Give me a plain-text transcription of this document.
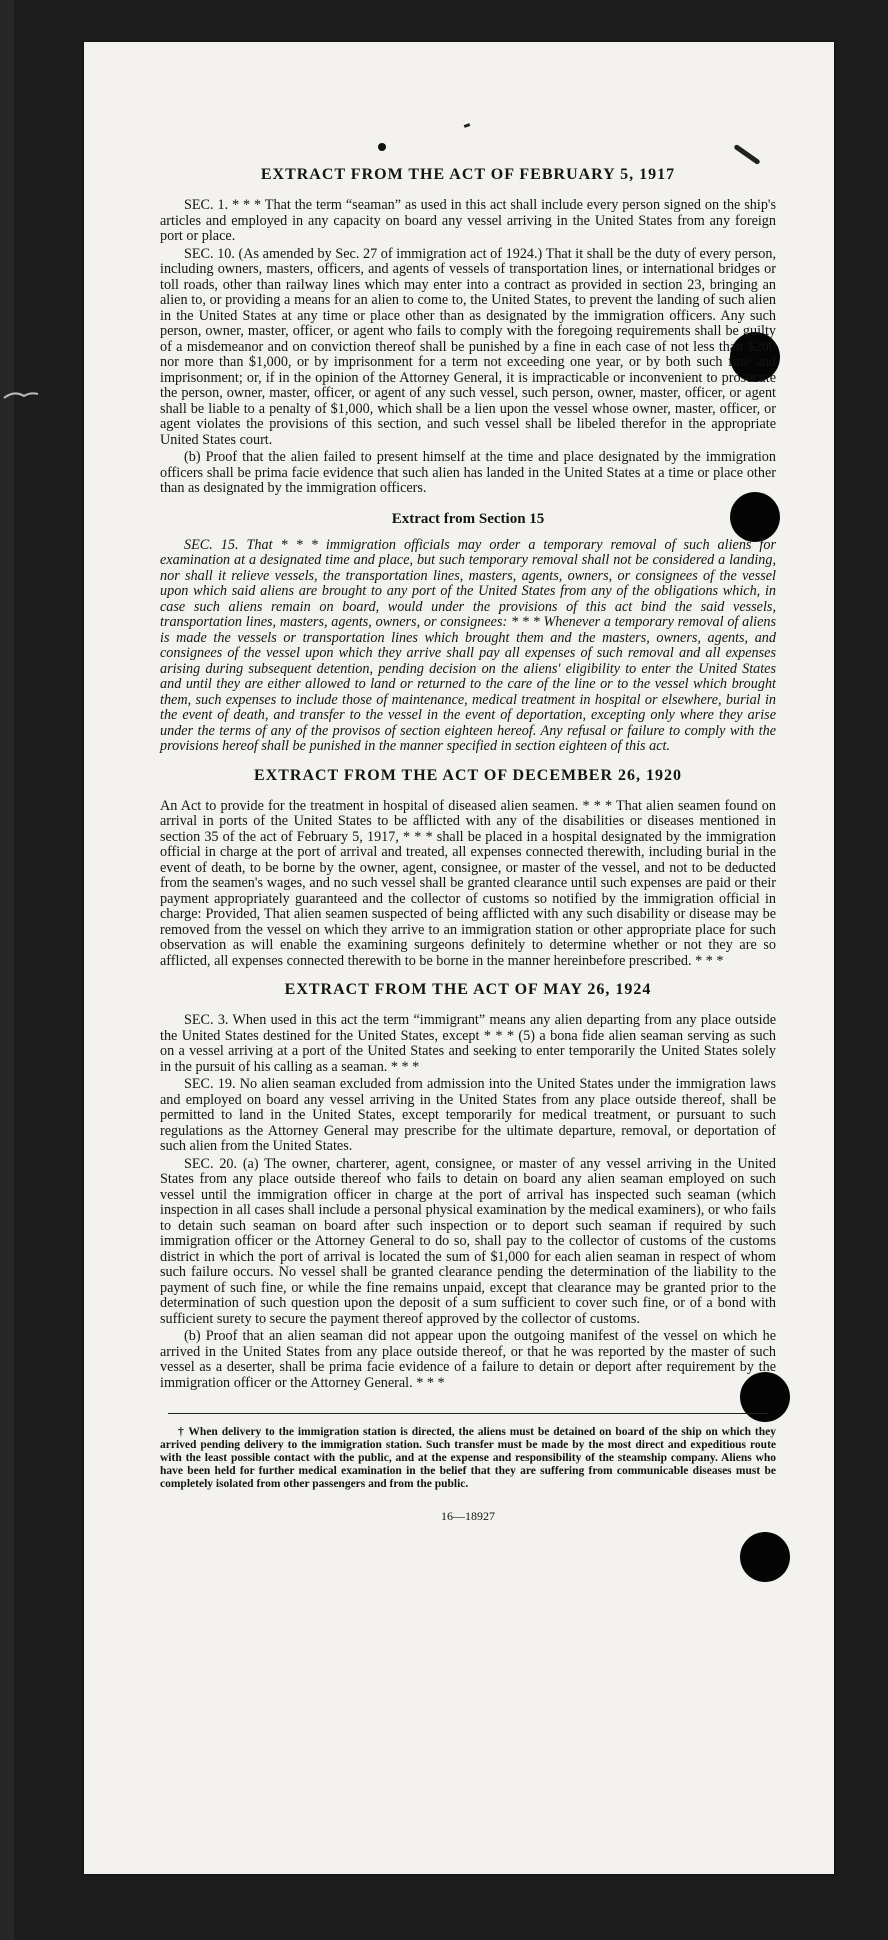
EXTRACT FROM THE ACT OF FEBRUARY 5, 1917

SEC. 1. * * * That the term “seaman” as used in this act shall include every person signed on the ship's articles and employed in any capacity on board any vessel arriving in the United States from any foreign port or place.

SEC. 10. (As amended by Sec. 27 of immigration act of 1924.) That it shall be the duty of every person, including owners, masters, officers, and agents of vessels of transportation lines, or international bridges or toll roads, other than railway lines which may enter into a contract as provided in section 23, bringing an alien to, or providing a means for an alien to come to, the United States, to prevent the landing of such alien in the United States at any time or place other than as designated by the immigration officers. Any such person, owner, master, officer, or agent who fails to comply with the foregoing requirements shall be guilty of a misdemeanor and on conviction thereof shall be punished by a fine in each case of not less than $200 nor more than $1,000, or by imprisonment for a term not exceeding one year, or by both such fine and imprisonment; or, if in the opinion of the Attorney General, it is impracticable or inconvenient to prosecute the person, owner, master, officer, or agent of any such vessel, such person, owner, master, officer, or agent shall be liable to a penalty of $1,000, which shall be a lien upon the vessel whose owner, master, officer, or agent violates the provisions of this section, and such vessel shall be libeled therefor in the appropriate United States court.

(b) Proof that the alien failed to present himself at the time and place designated by the immigration officers shall be prima facie evidence that such alien has landed in the United States at a time or place other than as designated by the immigration officers.

Extract from Section 15

SEC. 15. That * * * immigration officials may order a temporary removal of such aliens for examination at a designated time and place, but such temporary removal shall not be considered a landing, nor shall it relieve vessels, the transportation lines, masters, agents, owners, or consignees of the vessel upon which said aliens are brought to any port of the United States from any of the obligations which, in case such aliens remain on board, would under the provisions of this act bind the said vessels, transportation lines, masters, agents, owners, or consignees: * * * Whenever a temporary removal of aliens is made the vessels or transportation lines which brought them and the masters, owners, agents, and consignees of the vessel upon which they arrive shall pay all expenses of such removal and all expenses arising during subsequent detention, pending decision on the aliens' eligibility to enter the United States and until they are either allowed to land or returned to the care of the line or to the vessel which brought them, such expenses to include those of maintenance, medical treatment in hospital or elsewhere, burial in the event of death, and transfer to the vessel in the event of deportation, excepting only where they arise under the terms of any of the provisos of section eighteen hereof. Any refusal or failure to comply with the provisions hereof shall be punished in the manner specified in section eighteen of this act.

EXTRACT FROM THE ACT OF DECEMBER 26, 1920

An Act to provide for the treatment in hospital of diseased alien seamen. * * * That alien seamen found on arrival in ports of the United States to be afflicted with any of the disabilities or diseases mentioned in section 35 of the act of February 5, 1917, * * * shall be placed in a hospital designated by the immigration official in charge at the port of arrival and treated, all expenses connected therewith, including burial in the event of death, to be borne by the owner, agent, consignee, or master of the vessel, and not to be deducted from the seamen's wages, and no such vessel shall be granted clearance until such expenses are paid or their payment appropriately guaranteed and the collector of customs so notified by the immigration official in charge: Provided, That alien seamen suspected of being afflicted with any such disability or disease may be removed from the vessel on which they arrive to an immigration station or other appropriate place for such observation as will enable the examining surgeons definitely to determine whether or not they are so afflicted, all expenses connected therewith to be borne in the manner hereinbefore prescribed. * * *

EXTRACT FROM THE ACT OF MAY 26, 1924

SEC. 3. When used in this act the term “immigrant” means any alien departing from any place outside the United States destined for the United States, except * * * (5) a bona fide alien seaman serving as such on a vessel arriving at a port of the United States and seeking to enter temporarily the United States solely in the pursuit of his calling as a seaman. * * *

SEC. 19. No alien seaman excluded from admission into the United States under the immigration laws and employed on board any vessel arriving in the United States from any place outside thereof, shall be permitted to land in the United States, except temporarily for medical treatment, or pursuant to such regulations as the Attorney General may prescribe for the ultimate departure, removal, or deportation of such alien from the United States.

SEC. 20. (a) The owner, charterer, agent, consignee, or master of any vessel arriving in the United States from any place outside thereof who fails to detain on board any alien seaman employed on such vessel until the immigration officer in charge at the port of arrival has inspected such seaman (which inspection in all cases shall include a personal physical examination by the medical examiners), or who fails to detain such seaman on board after such inspection or to deport such seaman if required by such immigration officer or the Attorney General to do so, shall pay to the collector of customs of the customs district in which the port of arrival is located the sum of $1,000 for each alien seaman in respect of whom such failure occurs. No vessel shall be granted clearance pending the determination of the liability to the payment of such fine, or while the fine remains unpaid, except that clearance may be granted prior to the determination of such question upon the deposit of a sum sufficient to cover such fine, or of a bond with sufficient surety to secure the payment thereof approved by the collector of customs.

(b) Proof that an alien seaman did not appear upon the outgoing manifest of the vessel on which he arrived in the United States from any place outside thereof, or that he was reported by the master of such vessel as a deserter, shall be prima facie evidence of a failure to detain or deport after requirement by the immigration officer or the Attorney General. * * *

† When delivery to the immigration station is directed, the aliens must be detained on board of the ship on which they arrived pending delivery to the immigration station. Such transfer must be made by the most direct and expeditious route with the least possible contact with the public, and at the expense and responsibility of the steamship company. Aliens who have been held for further medical examination in the belief that they are suffering from communicable diseases must be completely isolated from other passengers and from the public.

16—18927
